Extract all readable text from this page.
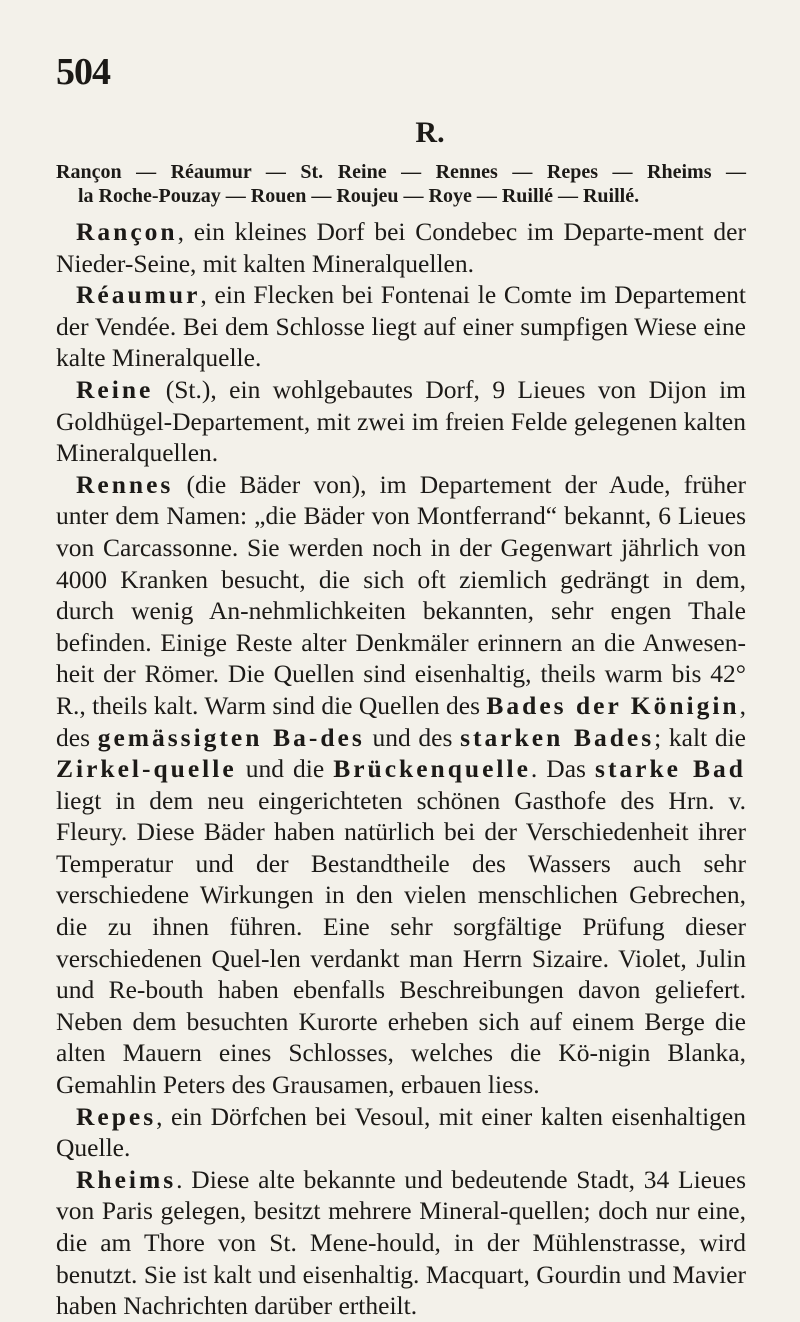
504
R.
Rançon — Réaumur — St. Reine — Rennes — Repes — Rheims —
la Roche-Pouzay — Rouen — Roujeu — Roye — Ruillé — Ruillé.

Rançon, ein kleines Dorf bei Condebec im Departe-ment der Nieder-Seine, mit kalten Mineralquellen.

Réaumur, ein Flecken bei Fontenai le Comte im Departement der Vendée. Bei dem Schlosse liegt auf einer sumpfigen Wiese eine kalte Mineralquelle.

Reine (St.), ein wohlgebautes Dorf, 9 Lieues von Dijon im Goldhügel-Departement, mit zwei im freien Felde gelegenen kalten Mineralquellen.

Rennes (die Bäder von), im Departement der Aude, früher unter dem Namen: „die Bäder von Montferrand“ bekannt, 6 Lieues von Carcassonne. Sie werden noch in der Gegenwart jährlich von 4000 Kranken besucht, die sich oft ziemlich gedrängt in dem, durch wenig An-nehmlichkeiten bekannten, sehr engen Thale befinden. Einige Reste alter Denkmäler erinnern an die Anwesen-heit der Römer. Die Quellen sind eisenhaltig, theils warm bis 42° R., theils kalt. Warm sind die Quellen des Bades der Königin, des gemässigten Ba-des und des starken Bades; kalt die Zirkel-quelle und die Brückenquelle. Das starke Bad liegt in dem neu eingerichteten schönen Gasthofe des Hrn. v. Fleury. Diese Bäder haben natürlich bei der Verschiedenheit ihrer Temperatur und der Bestandtheile des Wassers auch sehr verschiedene Wirkungen in den vielen menschlichen Gebrechen, die zu ihnen führen. Eine sehr sorgfältige Prüfung dieser verschiedenen Quel-len verdankt man Herrn Sizaire. Violet, Julin und Re-bouth haben ebenfalls Beschreibungen davon geliefert. Neben dem besuchten Kurorte erheben sich auf einem Berge die alten Mauern eines Schlosses, welches die Kö-nigin Blanka, Gemahlin Peters des Grausamen, erbauen liess.

Repes, ein Dörfchen bei Vesoul, mit einer kalten eisenhaltigen Quelle.

Rheims. Diese alte bekannte und bedeutende Stadt, 34 Lieues von Paris gelegen, besitzt mehrere Mineral-quellen; doch nur eine, die am Thore von St. Mene-hould, in der Mühlenstrasse, wird benutzt. Sie ist kalt und eisenhaltig. Macquart, Gourdin und Mavier haben Nachrichten darüber ertheilt.
